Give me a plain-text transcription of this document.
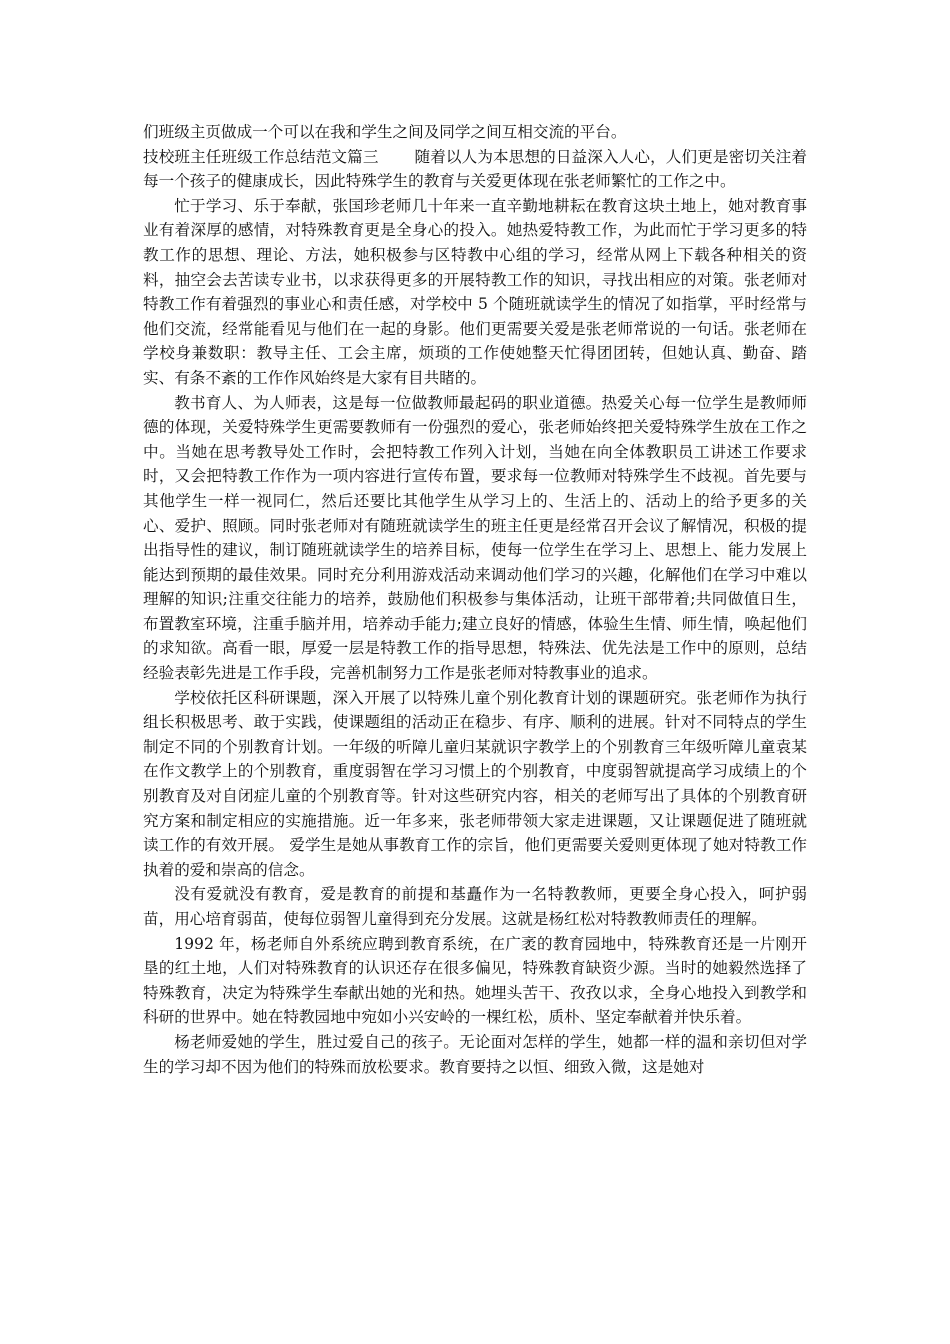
们班级主页做成一个可以在我和学生之间及同学之间互相交流的平台。

技校班主任班级工作总结范文篇三 随着以人为本思想的日益深入人心，人们更是密切关注着每一个孩子的健康成长，因此特殊学生的教育与关爱更体现在张老师繁忙的工作之中。

忙于学习、乐于奉献，张国珍老师几十年来一直辛勤地耕耘在教育这块土地上，她对教育事业有着深厚的感情，对特殊教育更是全身心的投入。她热爱特教工作，为此而忙于学习更多的特教工作的思想、理论、方法，她积极参与区特教中心组的学习，经常从网上下载各种相关的资料，抽空会去苦读专业书，以求获得更多的开展特教工作的知识，寻找出相应的对策。张老师对特教工作有着强烈的事业心和责任感，对学校中 5 个随班就读学生的情况了如指掌，平时经常与他们交流，经常能看见与他们在一起的身影。他们更需要关爱是张老师常说的一句话。张老师在学校身兼数职：教导主任、工会主席，烦琐的工作使她整天忙得团团转，但她认真、勤奋、踏实、有条不紊的工作作风始终是大家有目共睹的。

教书育人、为人师表，这是每一位做教师最起码的职业道德。热爱关心每一位学生是教师师德的体现，关爱特殊学生更需要教师有一份强烈的爱心，张老师始终把关爱特殊学生放在工作之中。当她在思考教导处工作时，会把特教工作列入计划，当她在向全体教职员工讲述工作要求时，又会把特教工作作为一项内容进行宣传布置，要求每一位教师对特殊学生不歧视。首先要与其他学生一样一视同仁，然后还要比其他学生从学习上的、生活上的、活动上的给予更多的关心、爱护、照顾。同时张老师对有随班就读学生的班主任更是经常召开会议了解情况，积极的提出指导性的建议，制订随班就读学生的培养目标，使每一位学生在学习上、思想上、能力发展上能达到预期的最佳效果。同时充分利用游戏活动来调动他们学习的兴趣，化解他们在学习中难以理解的知识;注重交往能力的培养，鼓励他们积极参与集体活动，让班干部带着;共同做值日生，布置教室环境，注重手脑并用，培养动手能力;建立良好的情感，体验生生情、师生情，唤起他们的求知欲。高看一眼，厚爱一层是特教工作的指导思想，特殊法、优先法是工作中的原则，总结经验表彰先进是工作手段，完善机制努力工作是张老师对特教事业的追求。

学校依托区科研课题，深入开展了以特殊儿童个别化教育计划的课题研究。张老师作为执行组长积极思考、敢于实践，使课题组的活动正在稳步、有序、顺利的进展。针对不同特点的学生制定不同的个别教育计划。一年级的听障儿童归某就识字教学上的个别教育三年级听障儿童袁某在作文教学上的个别教育，重度弱智在学习习惯上的个别教育，中度弱智就提高学习成绩上的个别教育及对自闭症儿童的个别教育等。针对这些研究内容，相关的老师写出了具体的个别教育研究方案和制定相应的实施措施。近一年多来，张老师带领大家走进课题，又让课题促进了随班就读工作的有效开展。 爱学生是她从事教育工作的宗旨，他们更需要关爱则更体现了她对特教工作执着的爱和崇高的信念。

没有爱就没有教育，爱是教育的前提和基矗作为一名特教教师，更要全身心投入，呵护弱苗，用心培育弱苗，使每位弱智儿童得到充分发展。这就是杨红松对特教教师责任的理解。

1992 年，杨老师自外系统应聘到教育系统，在广袤的教育园地中，特殊教育还是一片刚开垦的红土地，人们对特殊教育的认识还存在很多偏见，特殊教育缺资少源。当时的她毅然选择了特殊教育，决定为特殊学生奉献出她的光和热。她埋头苦干、孜孜以求，全身心地投入到教学和科研的世界中。她在特教园地中宛如小兴安岭的一棵红松，质朴、坚定奉献着并快乐着。

杨老师爱她的学生，胜过爱自己的孩子。无论面对怎样的学生，她都一样的温和亲切但对学生的学习却不因为他们的特殊而放松要求。教育要持之以恒、细致入微，这是她对
